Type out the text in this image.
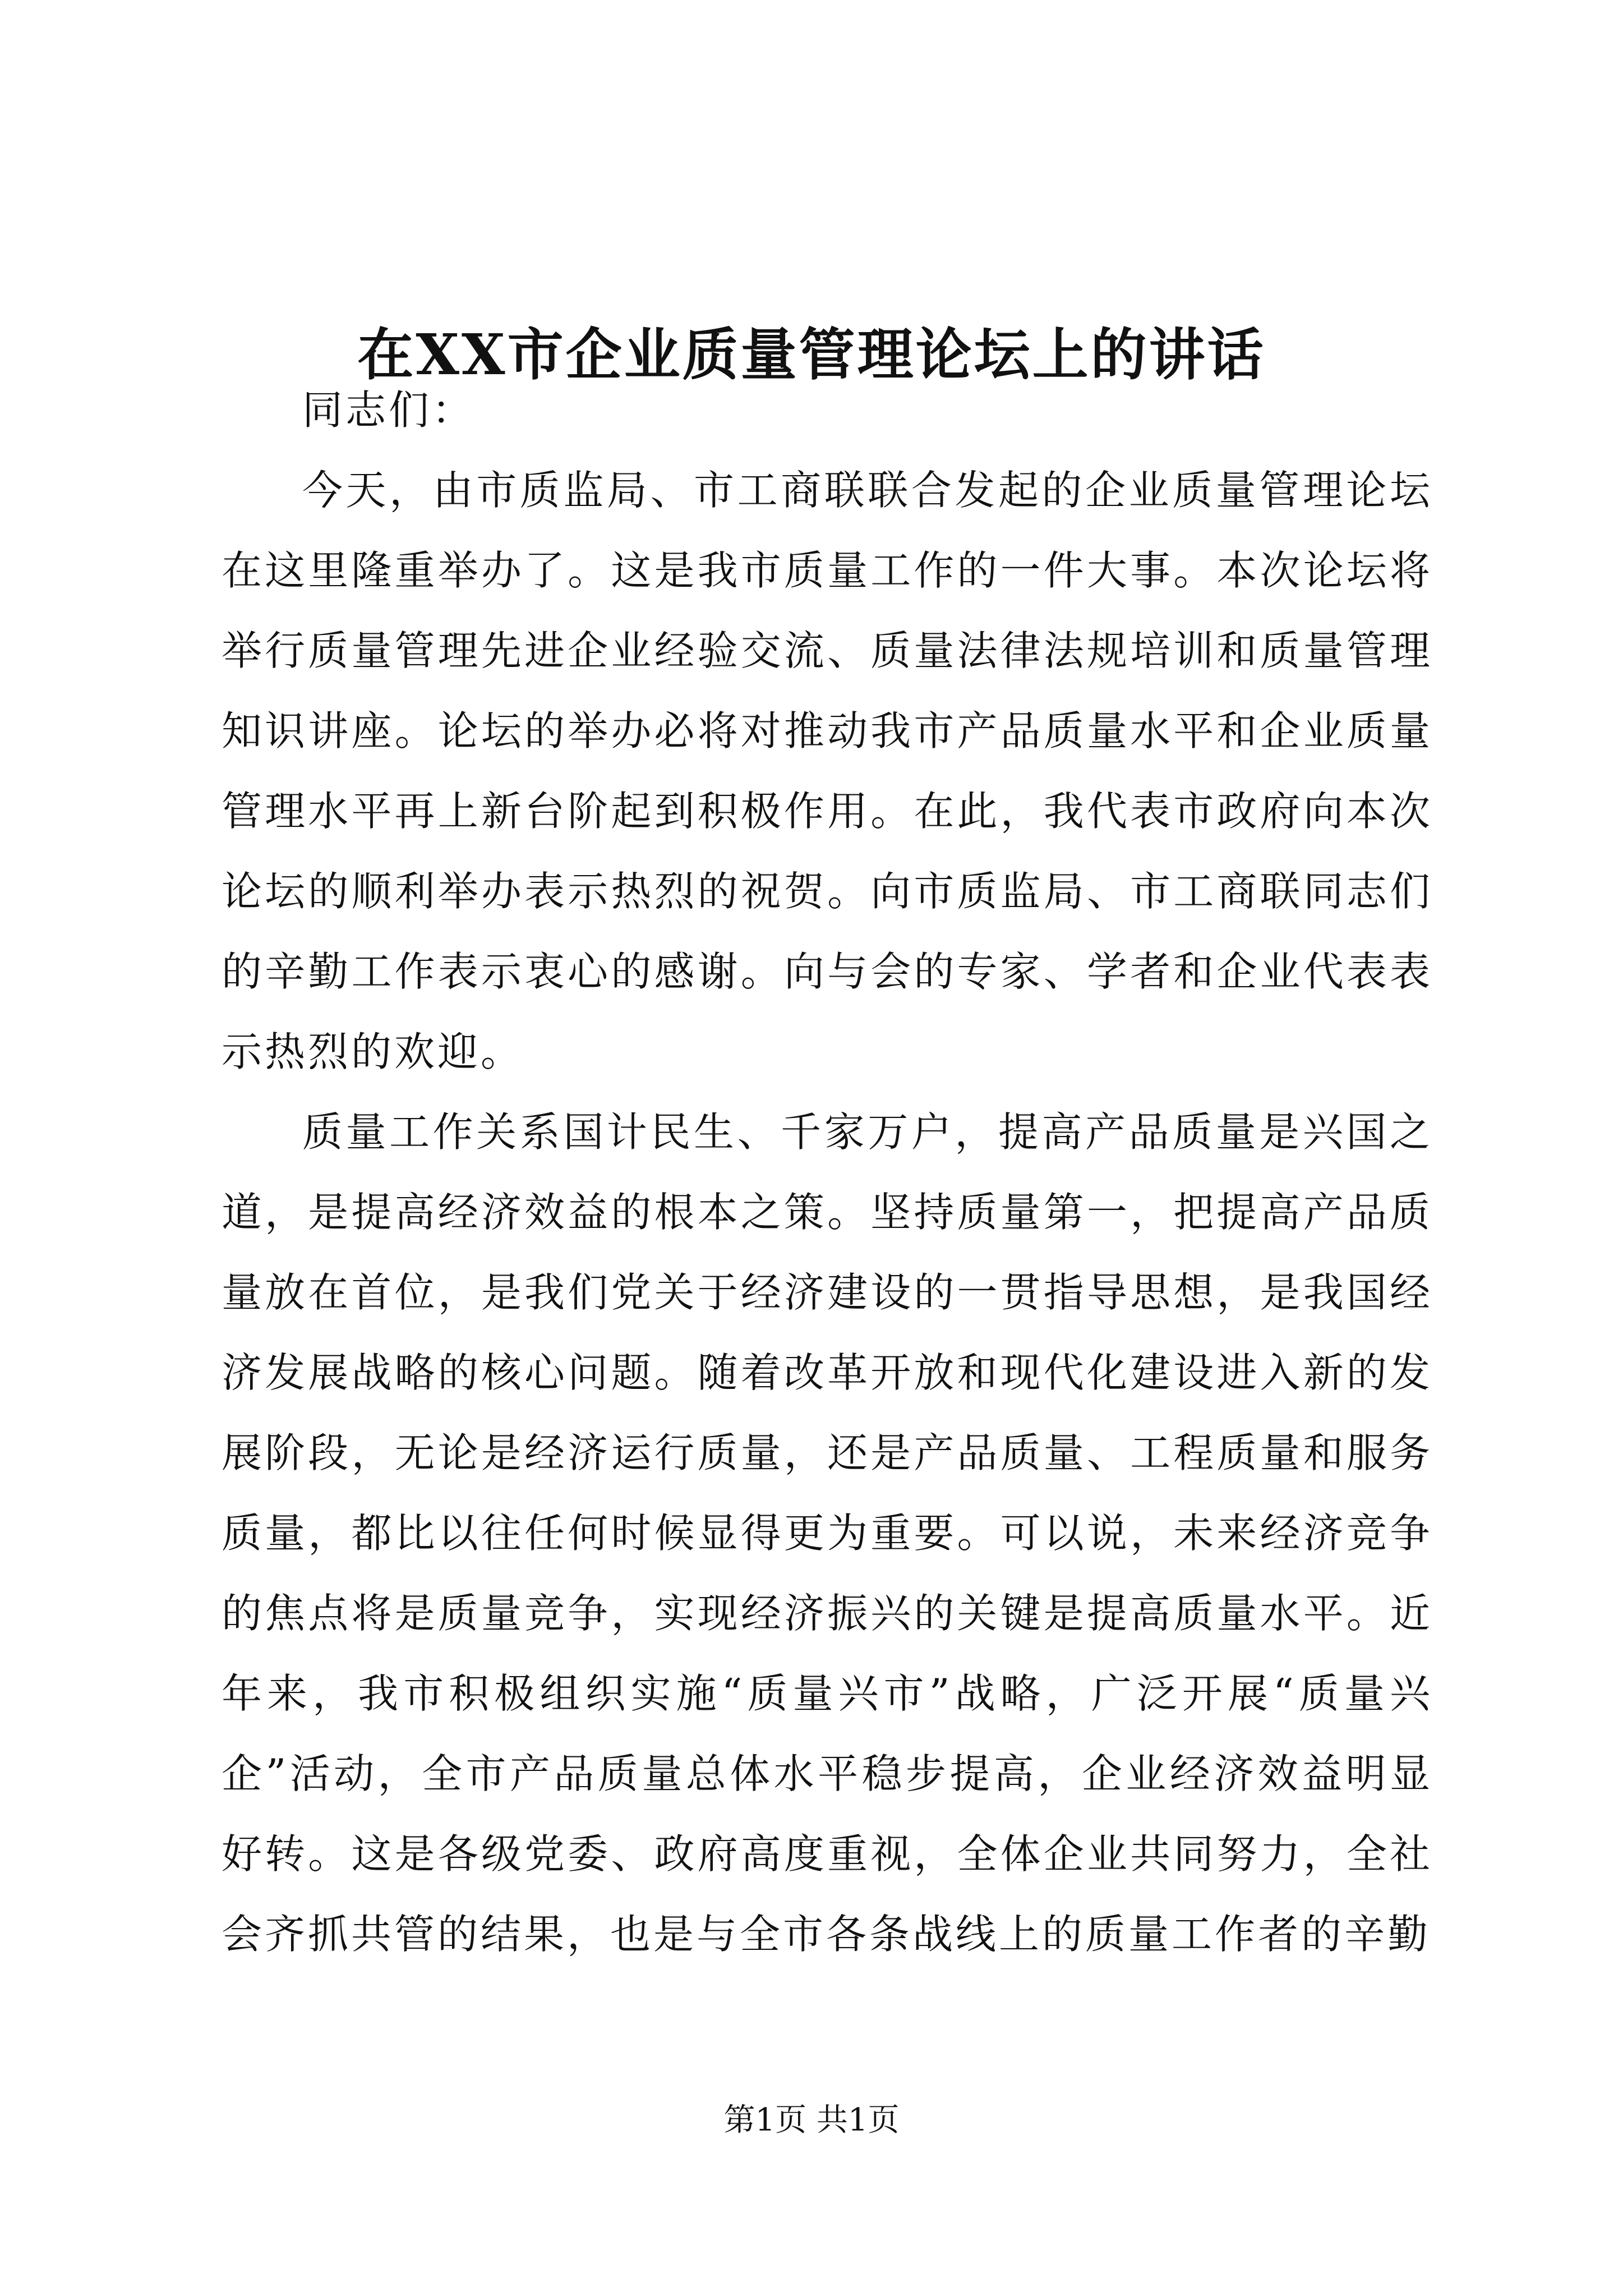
在XX市企业质量管理论坛上的讲话

同志们：

今天，由市质监局、市工商联联合发起的企业质量管理论坛在这里隆重举办了。这是我市质量工作的一件大事。本次论坛将举行质量管理先进企业经验交流、质量法律法规培训和质量管理知识讲座。论坛的举办必将对推动我市产品质量水平和企业质量管理水平再上新台阶起到积极作用。在此，我代表市政府向本次论坛的顺利举办表示热烈的祝贺。向市质监局、市工商联同志们的辛勤工作表示衷心的感谢。向与会的专家、学者和企业代表表示热烈的欢迎。

质量工作关系国计民生、千家万户，提高产品质量是兴国之道，是提高经济效益的根本之策。坚持质量第一，把提高产品质量放在首位，是我们党关于经济建设的一贯指导思想，是我国经济发展战略的核心问题。随着改革开放和现代化建设进入新的发展阶段，无论是经济运行质量，还是产品质量、工程质量和服务质量，都比以往任何时候显得更为重要。可以说，未来经济竞争的焦点将是质量竞争，实现经济振兴的关键是提高质量水平。近年来，我市积极组织实施“质量兴市”战略，广泛开展“质量兴企”活动，全市产品质量总体水平稳步提高，企业经济效益明显好转。这是各级党委、政府高度重视，全体企业共同努力，全社会齐抓共管的结果，也是与全市各条战线上的质量工作者的辛勤

第1页 共1页
